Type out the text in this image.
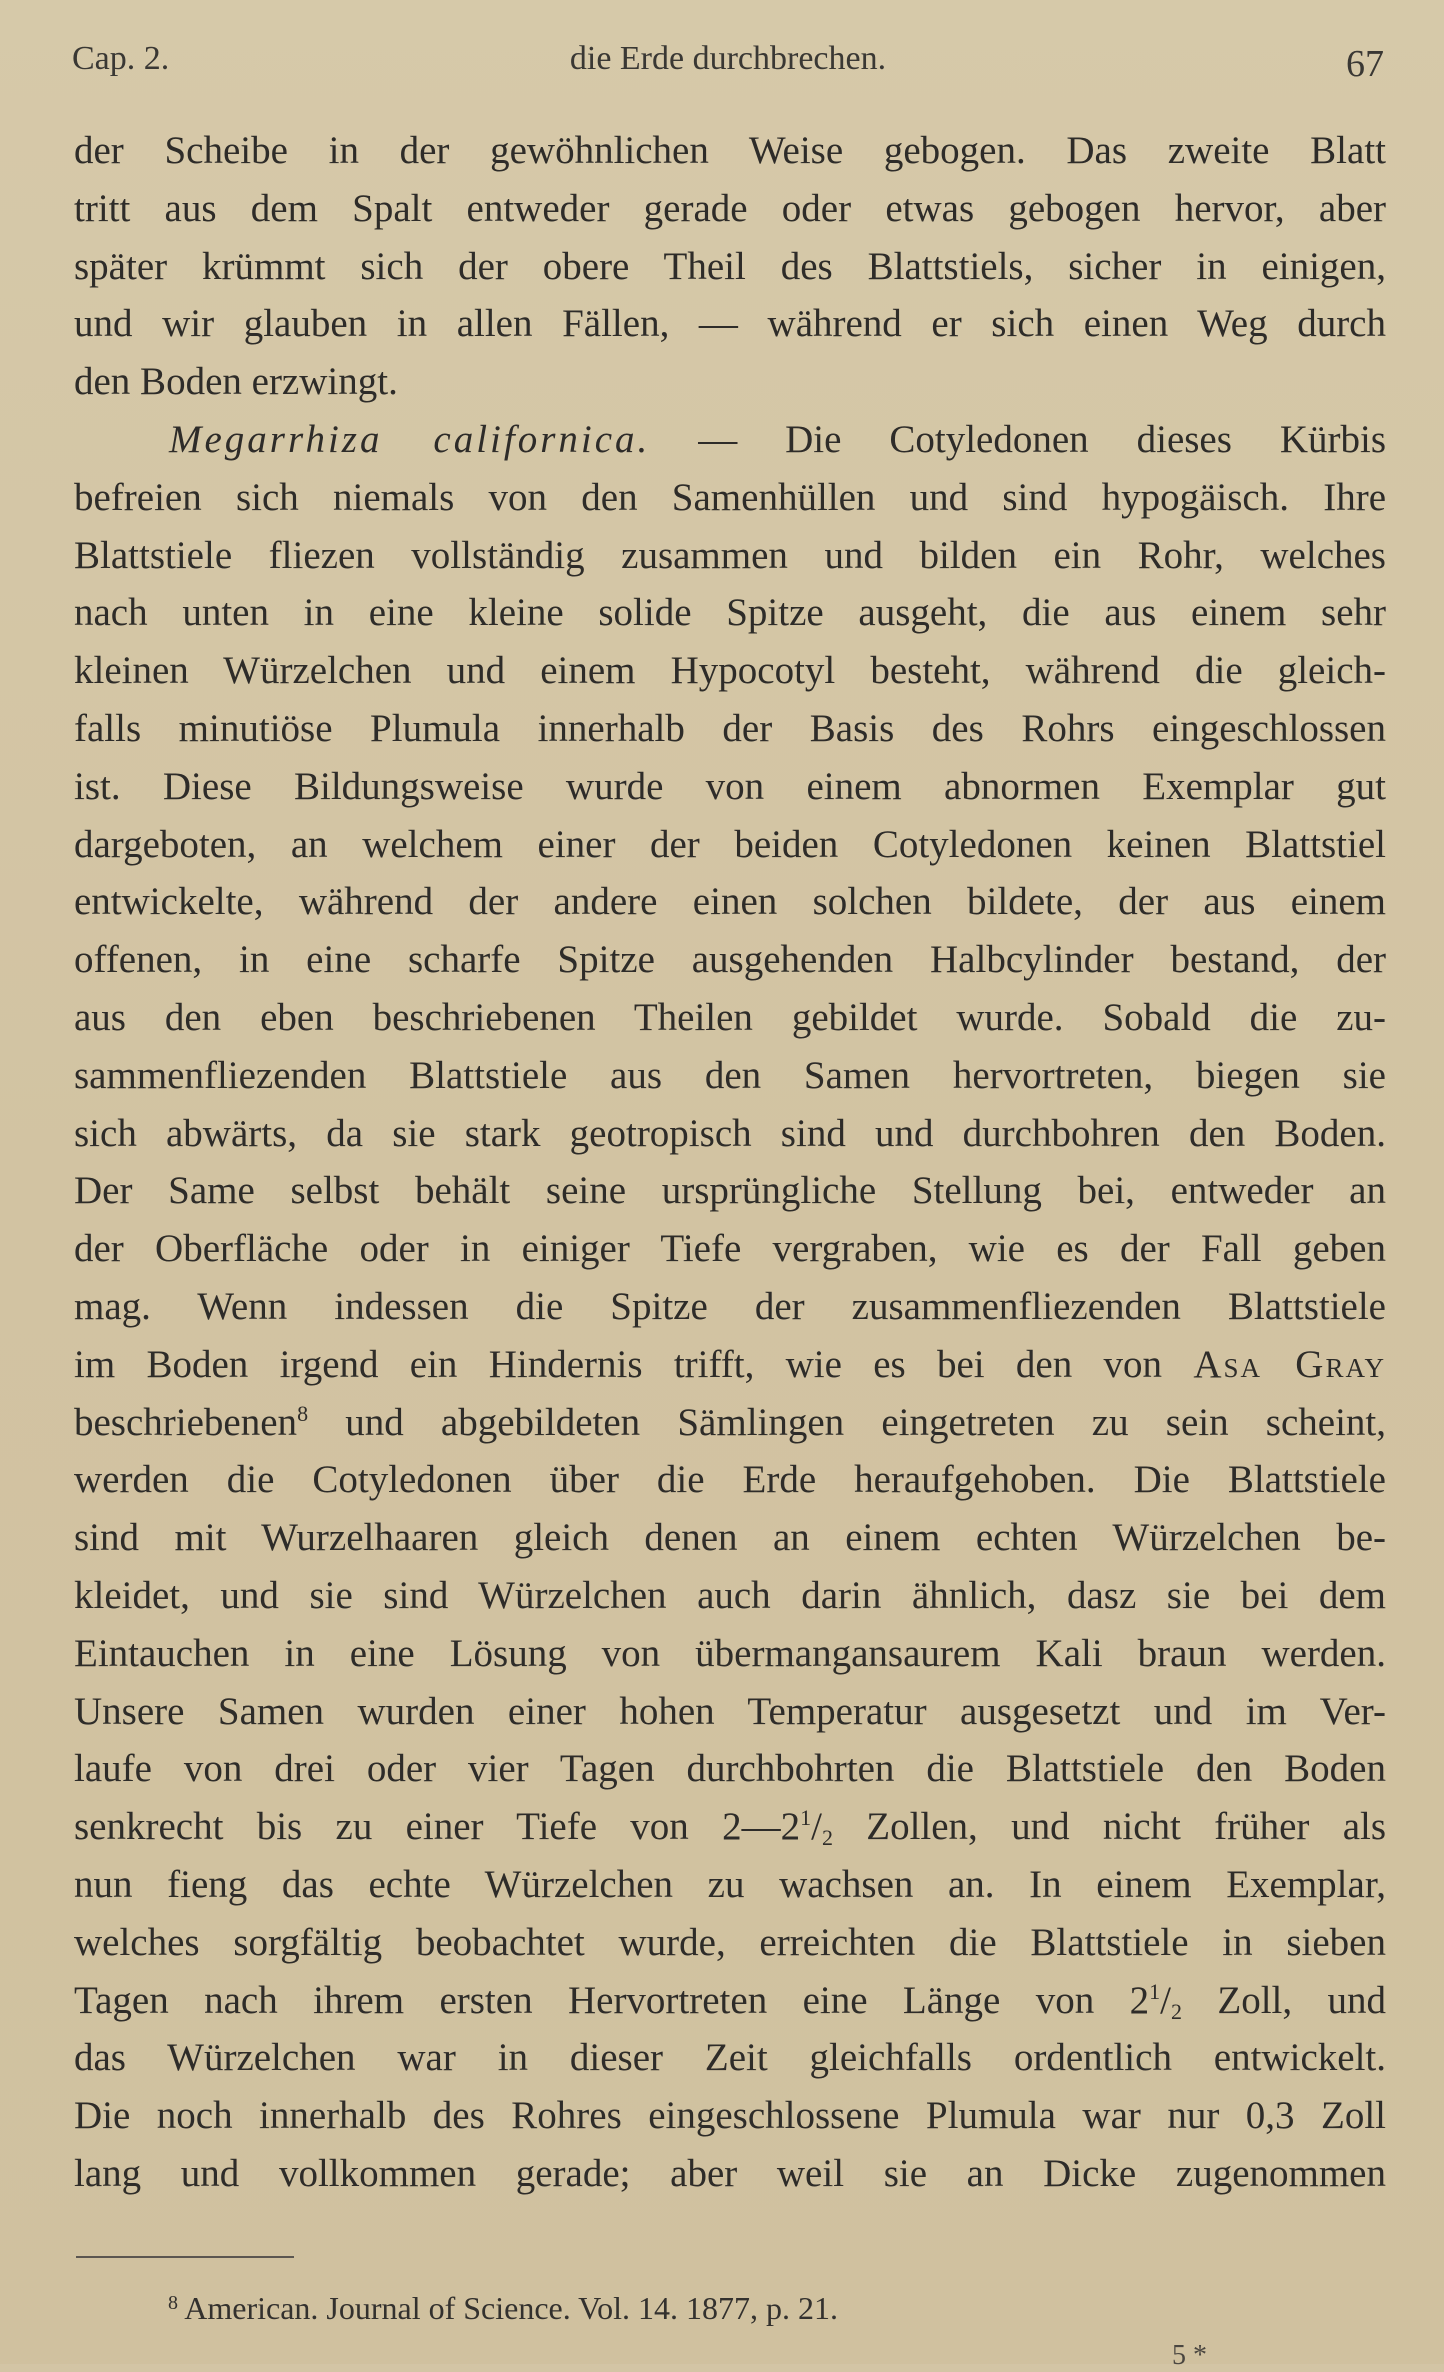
Cap. 2.	die Erde durchbrechen.	67
der Scheibe in der gewöhnlichen Weise gebogen. Das zweite Blatt
tritt aus dem Spalt entweder gerade oder etwas gebogen hervor, aber
später krümmt sich der obere Theil des Blattstiels, sicher in einigen,
und wir glauben in allen Fällen, — während er sich einen Weg durch
den Boden erzwingt.
Megarrhiza californica. — Die Cotyledonen dieses Kürbis
befreien sich niemals von den Samenhüllen und sind hypogäisch. Ihre
Blattstiele fliezen vollständig zusammen und bilden ein Rohr, welches
nach unten in eine kleine solide Spitze ausgeht, die aus einem sehr
kleinen Würzelchen und einem Hypocotyl besteht, während die gleich-
falls minutiöse Plumula innerhalb der Basis des Rohrs eingeschlossen
ist. Diese Bildungsweise wurde von einem abnormen Exemplar gut
dargeboten, an welchem einer der beiden Cotyledonen keinen Blattstiel
entwickelte, während der andere einen solchen bildete, der aus einem
offenen, in eine scharfe Spitze ausgehenden Halbcylinder bestand, der
aus den eben beschriebenen Theilen gebildet wurde. Sobald die zu-
sammenfliezenden Blattstiele aus den Samen hervortreten, biegen sie
sich abwärts, da sie stark geotropisch sind und durchbohren den Boden.
Der Same selbst behält seine ursprüngliche Stellung bei, entweder an
der Oberfläche oder in einiger Tiefe vergraben, wie es der Fall geben
mag. Wenn indessen die Spitze der zusammenfliezenden Blattstiele
im Boden irgend ein Hindernis trifft, wie es bei den von Asa Gray
beschriebenen$^8$ und abgebildeten Sämlingen eingetreten zu sein scheint,
werden die Cotyledonen über die Erde heraufgehoben. Die Blattstiele
sind mit Wurzelhaaren gleich denen an einem echten Würzelchen be-
kleidet, und sie sind Würzelchen auch darin ähnlich, dasz sie bei dem
Eintauchen in eine Lösung von übermangansaurem Kali braun werden.
Unsere Samen wurden einer hohen Temperatur ausgesetzt und im Ver-
laufe von drei oder vier Tagen durchbohrten die Blattstiele den Boden
senkrecht bis zu einer Tiefe von $2—2^1/_2$ Zollen, und nicht früher als
nun fieng das echte Würzelchen zu wachsen an. In einem Exemplar,
welches sorgfältig beobachtet wurde, erreichten die Blattstiele in sieben
Tagen nach ihrem ersten Hervortreten eine Länge von $2^1/_2$ Zoll, und
das Würzelchen war in dieser Zeit gleichfalls ordentlich entwickelt.
Die noch innerhalb des Rohres eingeschlossene Plumula war nur 0,3 Zoll
lang und vollkommen gerade; aber weil sie an Dicke zugenommen
$^8$ American. Journal of Science. Vol. 14. 1877, p. 21.
5 *
